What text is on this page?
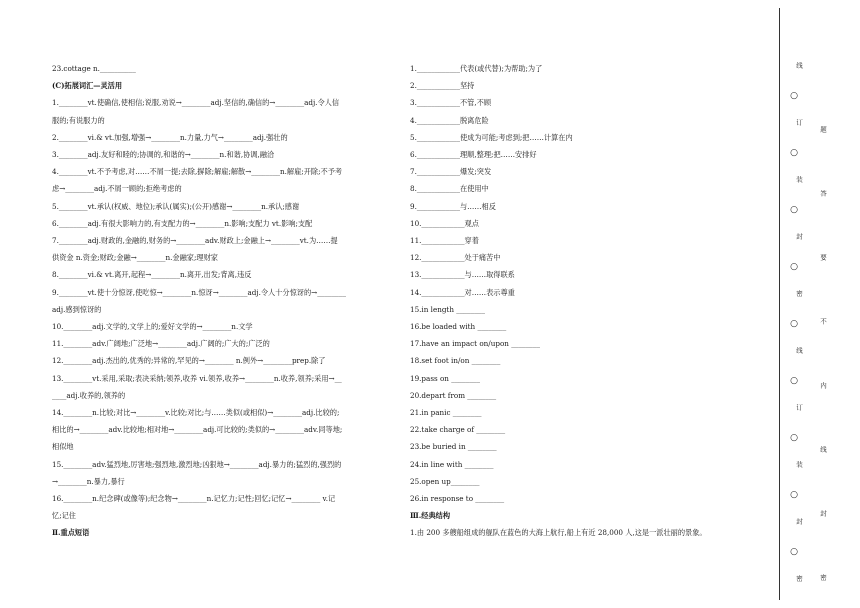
23.cottage n.__________
(C)拓展词汇—灵活用
1.________vt.使确信,使相信;说服,劝说→________adj.坚信的,确信的→________adj.令人信
服的;有说服力的
2.________vi.& vt.加强,增强→________n.力量,力气→________adj.强壮的
3.________adj.友好和睦的;协调的,和谐的→________n.和谐,协调,融洽
4.________vt.不予考虑,对……不屑一提;去除,摒除;解雇;解散→________n.解雇;开除;不予考
虑→________adj.不屑一顾的;拒绝考虑的
5.________vt.承认(权威、地位);承认(属实);(公开)感谢→________n.承认;感谢
6.________adj.有很大影响力的,有支配力的→________n.影响;支配力 vt.影响;支配
7.________adj.财政的,金融的,财务的→________adv.财政上;金融上→________vt.为……提
供资金 n.资金;财政;金融→________n.金融家;理财家
8.________vi.& vt.离开,起程→________n.离开,出发;背离,违反
9.________vt.使十分惊讶,使吃惊→________n.惊讶→________adj.令人十分惊讶的→________
adj.感到惊讶的
10.________adj.文学的,文学上的;爱好文学的→________n.文学
11.________adv.广阔地;广泛地→________adj.广阔的;广大的;广泛的
12.________adj.杰出的,优秀的;异常的,罕见的→________ n.例外→________prep.除了
13.________vt.采用,采取;表决采纳;领养,收养 vi.领养,收养→________n.收养,领养;采用→__
____adj.收养的,领养的
14.________n.比较;对比→________v.比较;对比;与……类似(或相似)→________adj.比较的;
相比的→________adv.比较地;相对地→________adj.可比较的;类似的→________adv.同等地;
相似地
15.________adv.猛烈地,厉害地;强烈地,激烈地;凶狠地→________adj.暴力的;猛烈的,强烈的
→________n.暴力,暴行
16.________n.纪念碑(或像等);纪念物→________n.记忆力;记性;回忆;记忆→________ v.记
忆;记住
Ⅱ.重点短语
1.____________代表(或代替);为帮助;为了
2.____________坚持
3.____________不管,不顾
4.____________脱离危险
5.____________使成为可能;考虑到;把……计算在内
6.____________理顺,整理;把……安排好
7.____________爆发;突发
8.____________在使用中
9.____________与……相反
10.____________观点
11.____________穿着
12.____________处于痛苦中
13.____________与……取得联系
14.____________对……表示尊重
15.in length ________
16.be loaded with ________
17.have an impact on/upon ________
18.set foot in/on ________
19.pass on ________
20.depart from ________
21.in panic ________
22.take charge of ________
23.be buried in ________
24.in line with ________
25.open up________
26.in response to ________
Ⅲ.经典结构
1.由 200 多艘船组成的舰队在蓝色的大海上航行,船上有近 28,000 人,这是一派壮丽的景象。
线
○
订
○
装
○
封
○
密
○
线
○
订
○
装
○
封
○
密
题
答
要
不
内
线
封
密
